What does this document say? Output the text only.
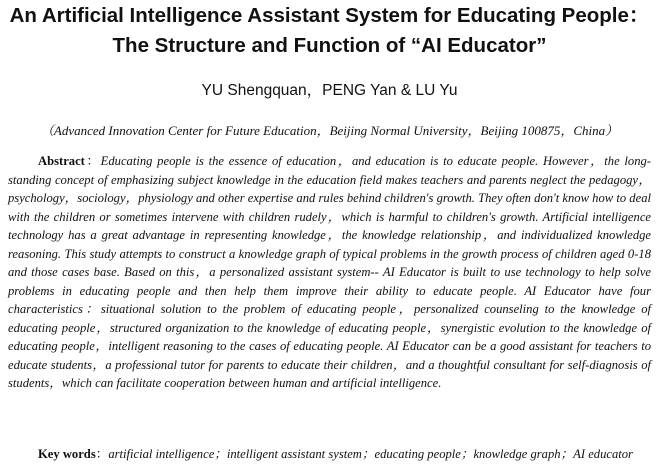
An Artificial Intelligence Assistant System for Educating People：
The Structure and Function of “AI Educator”
YU Shengquan，PENG Yan & LU Yu
（Advanced Innovation Center for Future Education，Beijing Normal University，Beijing 100875，China）

Abstract：Educating people is the essence of education，and education is to educate people. However，the long-standing concept of emphasizing subject knowledge in the education field makes teachers and parents neglect the pedagogy，psychology，sociology，physiology and other expertise and rules behind children's growth. They often don't know how to deal with the children or sometimes intervene with children rudely，which is harmful to children's growth. Artificial intelligence technology has a great advantage in representing knowledge，the knowledge relationship，and individualized knowledge reasoning. This study attempts to construct a knowledge graph of typical problems in the growth process of children aged 0-18 and those cases base. Based on this，a personalized assistant system-- AI Educator is built to use technology to help solve problems in educating people and then help them improve their ability to educate people. AI Educator have four characteristics：situational solution to the problem of educating people，personalized counseling to the knowledge of educating people，structured organization to the knowledge of educating people，synergistic evolution to the knowledge of educating people，intelligent reasoning to the cases of educating people. AI Educator can be a good assistant for teachers to educate students，a professional tutor for parents to educate their children，and a thoughtful consultant for self-diagnosis of students，which can facilitate cooperation between human and artificial intelligence.

Key words：artificial intelligence；intelligent assistant system；educating people；knowledge graph；AI educator
